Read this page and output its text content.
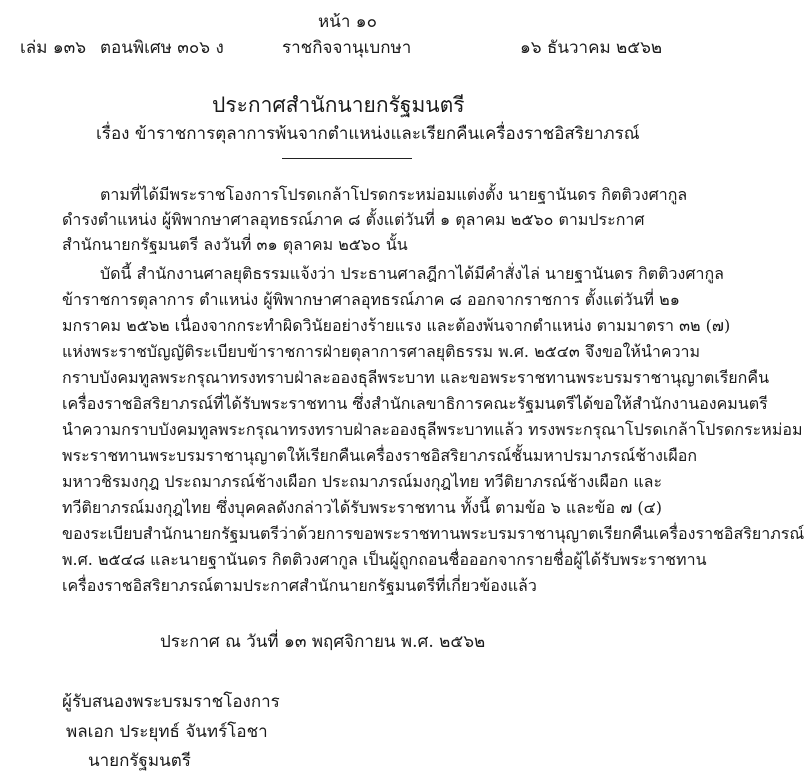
หน้า ๑๐
เล่ม ๑๓๖ ตอนพิเศษ ๓๐๖ ง	ราชกิจจานุเบกษา	๑๖ ธันวาคม ๒๕๖๒
ประกาศสำนักนายกรัฐมนตรี
เรื่อง ข้าราชการตุลาการพ้นจากตำแหน่งและเรียกคืนเครื่องราชอิสริยาภรณ์
ตามที่ได้มีพระราชโองการโปรดเกล้าโปรดกระหม่อมแต่งตั้ง นายฐานันดร กิตติวงศากูล
ดำรงตำแหน่ง ผู้พิพากษาศาลอุทธรณ์ภาค ๘ ตั้งแต่วันที่ ๑ ตุลาคม ๒๕๖๐ ตามประกาศ
สำนักนายกรัฐมนตรี ลงวันที่ ๓๑ ตุลาคม ๒๕๖๐ นั้น
บัดนี้ สำนักงานศาลยุติธรรมแจ้งว่า ประธานศาลฎีกาได้มีคำสั่งไล่ นายฐานันดร กิตติวงศากูล
ข้าราชการตุลาการ ตำแหน่ง ผู้พิพากษาศาลอุทธรณ์ภาค ๘ ออกจากราชการ ตั้งแต่วันที่ ๒๑
มกราคม ๒๕๖๒ เนื่องจากกระทำผิดวินัยอย่างร้ายแรง และต้องพ้นจากตำแหน่ง ตามมาตรา ๓๒ (๗)
แห่งพระราชบัญญัติระเบียบข้าราชการฝ่ายตุลาการศาลยุติธรรม พ.ศ. ๒๕๔๓ จึงขอให้นำความ
กราบบังคมทูลพระกรุณาทรงทราบฝ่าละอองธุลีพระบาท และขอพระราชทานพระบรมราชานุญาตเรียกคืน
เครื่องราชอิสริยาภรณ์ที่ได้รับพระราชทาน ซึ่งสำนักเลขาธิการคณะรัฐมนตรีได้ขอให้สำนักงานองคมนตรี
นำความกราบบังคมทูลพระกรุณาทรงทราบฝ่าละอองธุลีพระบาทแล้ว ทรงพระกรุณาโปรดเกล้าโปรดกระหม่อม
พระราชทานพระบรมราชานุญาตให้เรียกคืนเครื่องราชอิสริยาภรณ์ชั้นมหาปรมาภรณ์ช้างเผือก
มหาวชิรมงกุฎ ประถมาภรณ์ช้างเผือก ประถมาภรณ์มงกุฎไทย ทวีติยาภรณ์ช้างเผือก และ
ทวีติยาภรณ์มงกุฎไทย ซึ่งบุคคลดังกล่าวได้รับพระราชทาน ทั้งนี้ ตามข้อ ๖ และข้อ ๗ (๔)
ของระเบียบสำนักนายกรัฐมนตรีว่าด้วยการขอพระราชทานพระบรมราชานุญาตเรียกคืนเครื่องราชอิสริยาภรณ์
พ.ศ. ๒๕๔๘ และนายฐานันดร กิตติวงศากูล เป็นผู้ถูกถอนชื่อออกจากรายชื่อผู้ได้รับพระราชทาน
เครื่องราชอิสริยาภรณ์ตามประกาศสำนักนายกรัฐมนตรีที่เกี่ยวข้องแล้ว
ประกาศ ณ วันที่ ๑๓ พฤศจิกายน พ.ศ. ๒๕๖๒
ผู้รับสนองพระบรมราชโองการ
พลเอก ประยุทธ์ จันทร์โอชา
นายกรัฐมนตรี
